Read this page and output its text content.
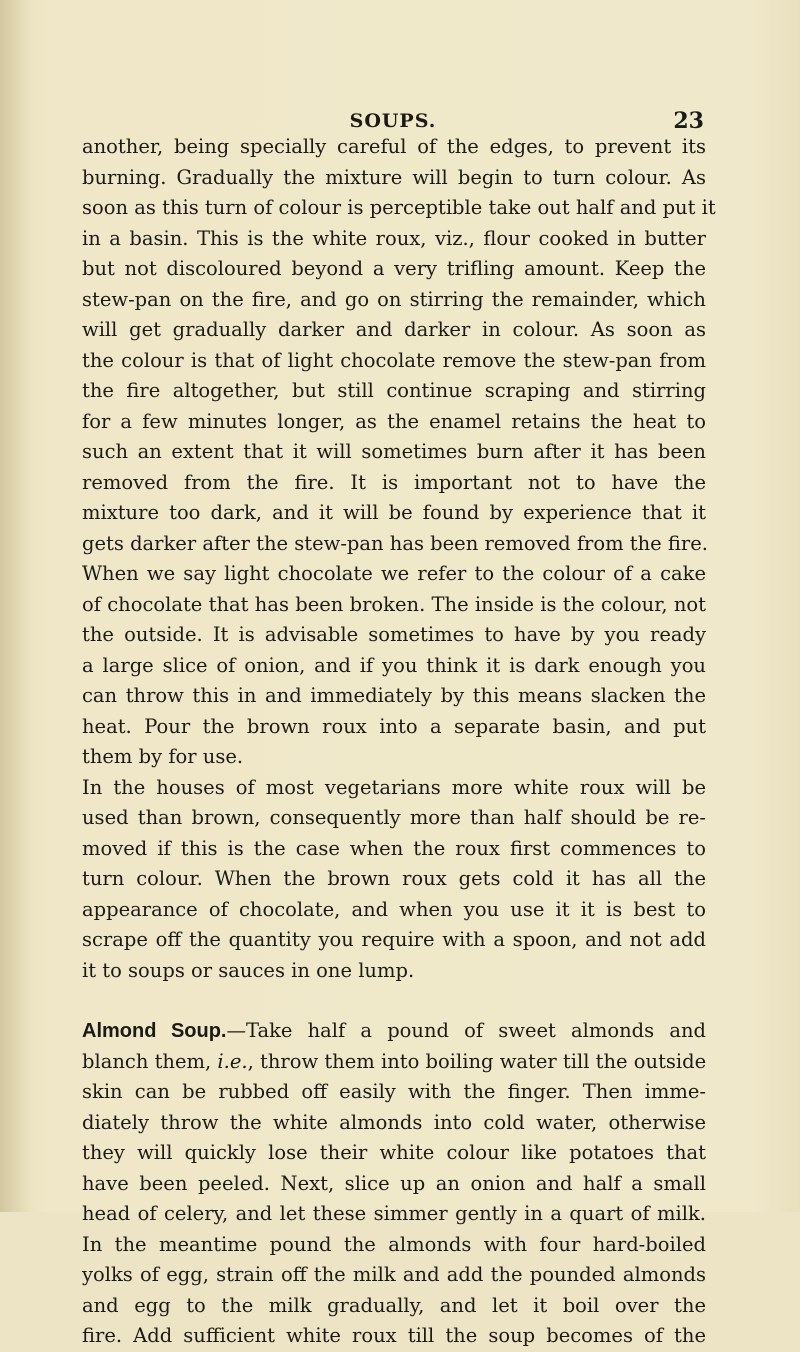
SOUPS.	23
another, being specially careful of the edges, to prevent its
burning. Gradually the mixture will begin to turn colour. As
soon as this turn of colour is perceptible take out half and put it
in a basin. This is the white roux, viz., flour cooked in butter
but not discoloured beyond a very trifling amount. Keep the
stew-pan on the fire, and go on stirring the remainder, which
will get gradually darker and darker in colour. As soon as
the colour is that of light chocolate remove the stew-pan from
the fire altogether, but still continue scraping and stirring
for a few minutes longer, as the enamel retains the heat to
such an extent that it will sometimes burn after it has been
removed from the fire. It is important not to have the
mixture too dark, and it will be found by experience that it
gets darker after the stew-pan has been removed from the fire.
When we say light chocolate we refer to the colour of a cake
of chocolate that has been broken. The inside is the colour, not
the outside. It is advisable sometimes to have by you ready
a large slice of onion, and if you think it is dark enough you
can throw this in and immediately by this means slacken the
heat. Pour the brown roux into a separate basin, and put
them by for use.
In the houses of most vegetarians more white roux will be
used than brown, consequently more than half should be re-
moved if this is the case when the roux first commences to
turn colour. When the brown roux gets cold it has all the
appearance of chocolate, and when you use it it is best to
scrape off the quantity you require with a spoon, and not add
it to soups or sauces in one lump.
Almond Soup.—Take half a pound of sweet almonds and
blanch them, i.e., throw them into boiling water till the outside
skin can be rubbed off easily with the finger. Then imme-
diately throw the white almonds into cold water, otherwise
they will quickly lose their white colour like potatoes that
have been peeled. Next, slice up an onion and half a small
head of celery, and let these simmer gently in a quart of milk.
In the meantime pound the almonds with four hard-boiled
yolks of egg, strain off the milk and add the pounded almonds
and egg to the milk gradually, and let it boil over the
fire. Add sufficient white roux till the soup becomes of the
